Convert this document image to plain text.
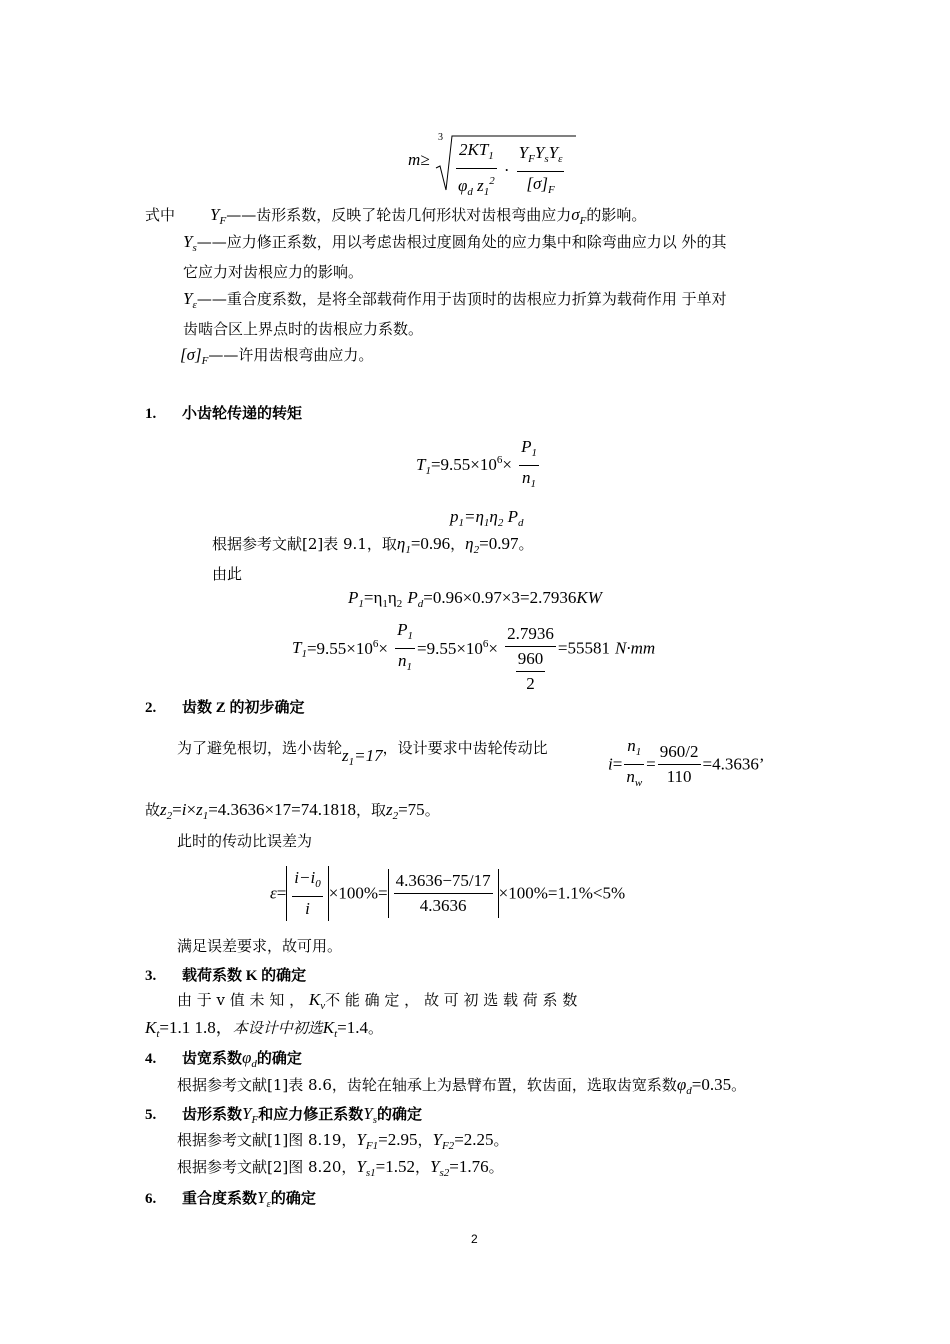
m≥
3
$\frac{2KT_1}{\varphi_d z_1^2} \cdot \frac{Y_FY_sY_\varepsilon}{[\sigma]_F}$
式中 $Y_F——$齿形系数，反映了轮齿几何形状对齿根弯曲应力$\sigma_F$的影响。
$Y_s——$应力修正系数，用以考虑齿根过度圆角处的应力集中和除弯曲应力以 外的其
它应力对齿根应力的影响。
$Y_\varepsilon——$重合度系数，是将全部载荷作用于齿顶时的齿根应力折算为载荷作用 于单对
齿啮合区上界点时的齿根应力系数。
$[\sigma]_F——$许用齿根弯曲应力。
1. 小齿轮传递的转矩
$T_1=9.55\times 10^6\times \frac{P_1}{n_1}$
$p_1=\eta_1\eta_2$ $P_d$
根据参考文献[2]表 9.1，取$\eta_1=0.96$，$\eta_2=0.97$。
由此
$P_1=\eta_1\eta_2$ $P_d=0.96\times 0.97\times 3=2.7936KW$
$T_1=9.55\times 10^6\times \frac{P_1}{n_1} =9.55\times 10^6\times \frac{2.7936}{\frac{960}{2}} =55581$ N·mm
2. 齿数 Z 的初步确定
为了避免根切，选小齿轮$z_1=17$，设计要求中齿轮传动比
$i= \frac{n_1}{n_w} = \frac{960/2}{110} =4.3636$’
故$z_2=i\times z_1=4.3636\times 17=74.1818$，取$z_2=75$。
此时的传动比误差为
$\varepsilon= \frac{i-i_0}{i} \times 100\%= \frac{4.3636-75/17}{4.3636} \times 100\%=1.1\%<5\%$
满足误差要求，故可用。
3. 载荷系数 K 的确定
由 于 v 值 未 知 ， $K_v$不 能 确 定 ， 故 可 初 选 载 荷 系 数
$K_t=1.1$ 1.8，本设计中初选$K_t=1.4$。
4. 齿宽系数$\varphi_d$的确定
根据参考文献[1]表 8.6，齿轮在轴承上为悬臂布置，软齿面，选取齿宽系数$\varphi_d=0.35$。
5. 齿形系数$Y_F$和应力修正系数$Y_s$的确定
根据参考文献[1]图 8.19，$Y_{F1}=2.95$，$Y_{F2}=2.25$。
根据参考文献[2]图 8.20，$Y_{s1}=1.52$，$Y_{s2}=1.76$。
6. 重合度系数$Y_\varepsilon$的确定
2
